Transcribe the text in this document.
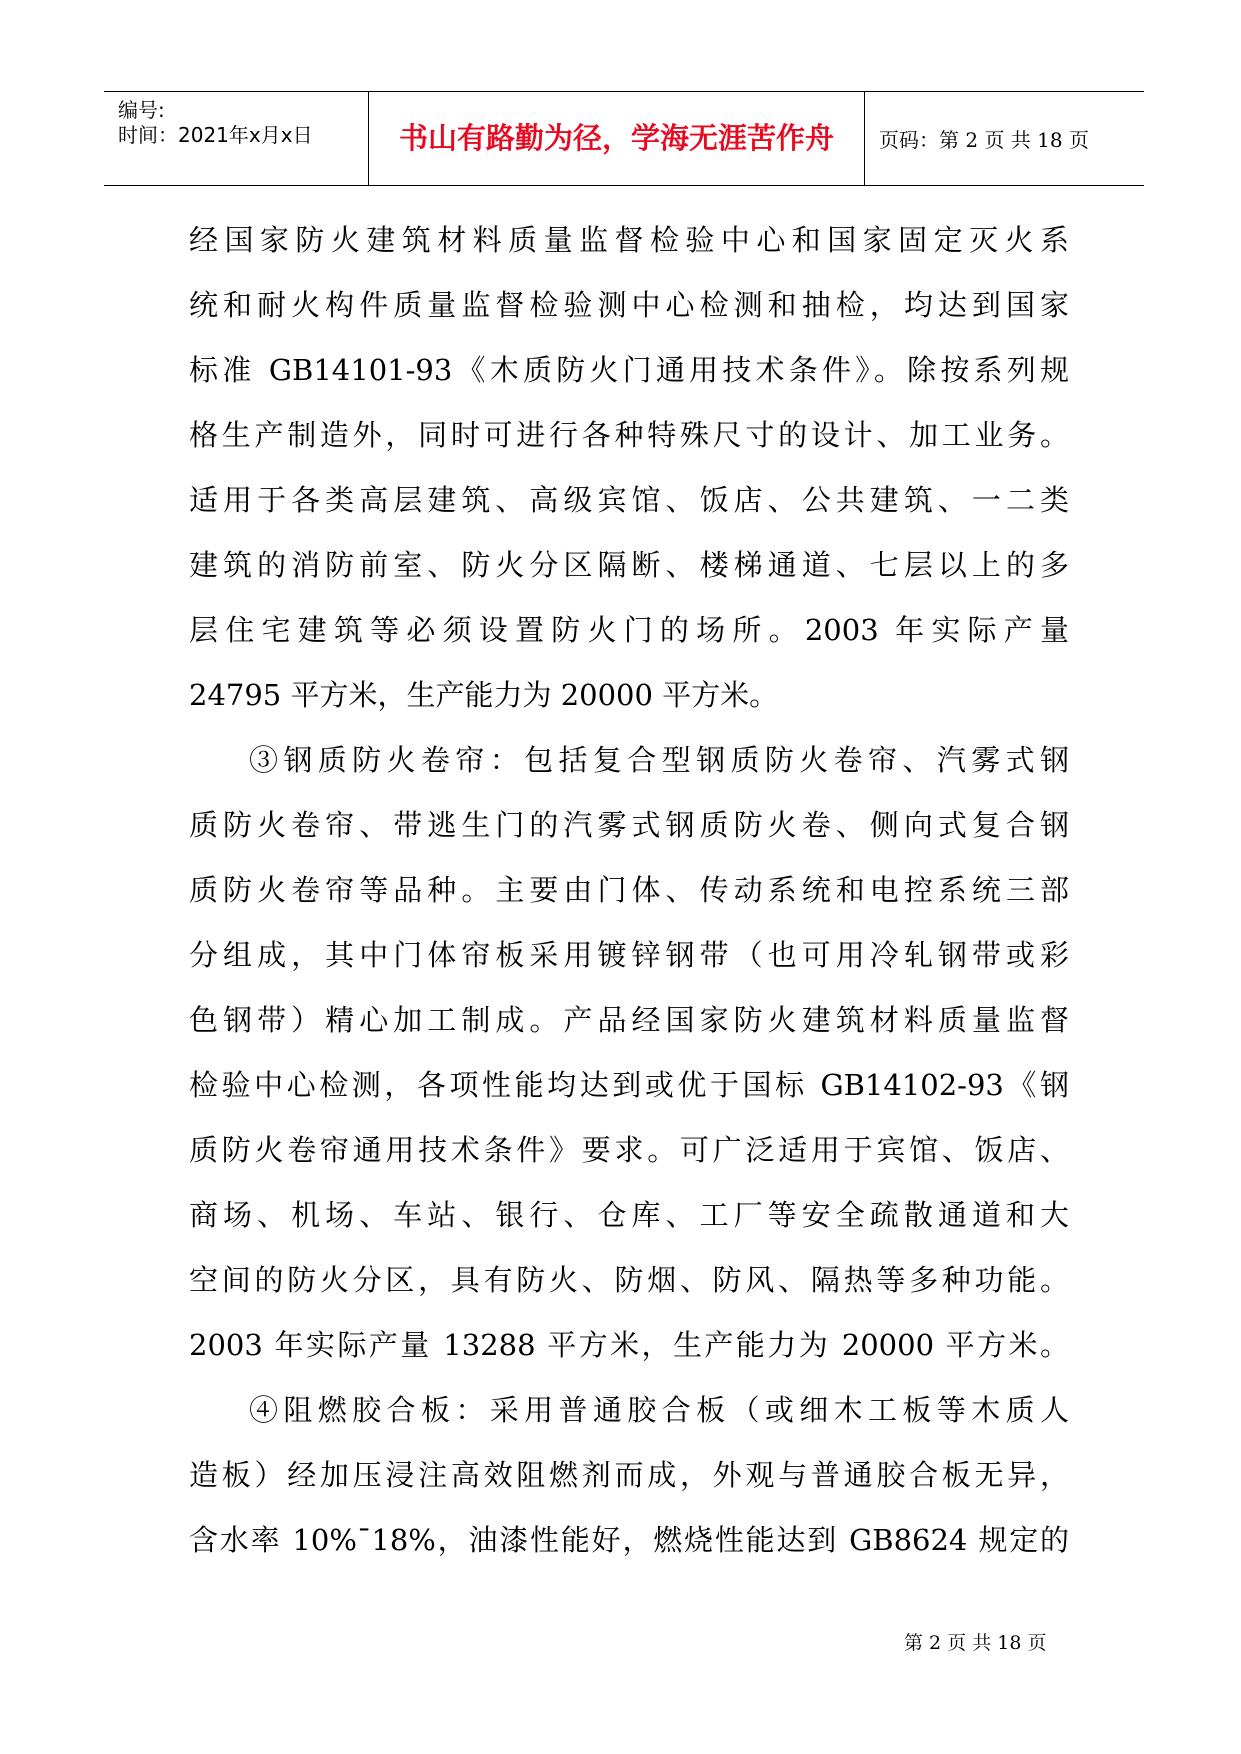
编号:
时间：2021年x月x日	书山有路勤为径，学海无涯苦作舟	页码：第 2 页 共 18 页
经国家防火建筑材料质量监督检验中心和国家固定灭火系
统和耐火构件质量监督检验测中心检测和抽检，均达到国家
标准 GB14101-93《木质防火门通用技术条件》。除按系列规
格生产制造外，同时可进行各种特殊尺寸的设计、加工业务。
适用于各类高层建筑、高级宾馆、饭店、公共建筑、一二类
建筑的消防前室、防火分区隔断、楼梯通道、七层以上的多
层住宅建筑等必须设置防火门的场所。2003 年实际产量
24795 平方米，生产能力为 20000 平方米。
③钢质防火卷帘：包括复合型钢质防火卷帘、汽雾式钢
质防火卷帘、带逃生门的汽雾式钢质防火卷、侧向式复合钢
质防火卷帘等品种。主要由门体、传动系统和电控系统三部
分组成，其中门体帘板采用镀锌钢带（也可用冷轧钢带或彩
色钢带）精心加工制成。产品经国家防火建筑材料质量监督
检验中心检测，各项性能均达到或优于国标 GB14102-93《钢
质防火卷帘通用技术条件》要求。可广泛适用于宾馆、饭店、
商场、机场、车站、银行、仓库、工厂等安全疏散通道和大
空间的防火分区，具有防火、防烟、防风、隔热等多种功能。
2003 年实际产量 13288 平方米，生产能力为 20000 平方米。
④阻燃胶合板：采用普通胶合板（或细木工板等木质人
造板）经加压浸注高效阻燃剂而成，外观与普通胶合板无异，
含水率 10%¯18%，油漆性能好，燃烧性能达到 GB8624 规定的
第 2 页 共 18 页
